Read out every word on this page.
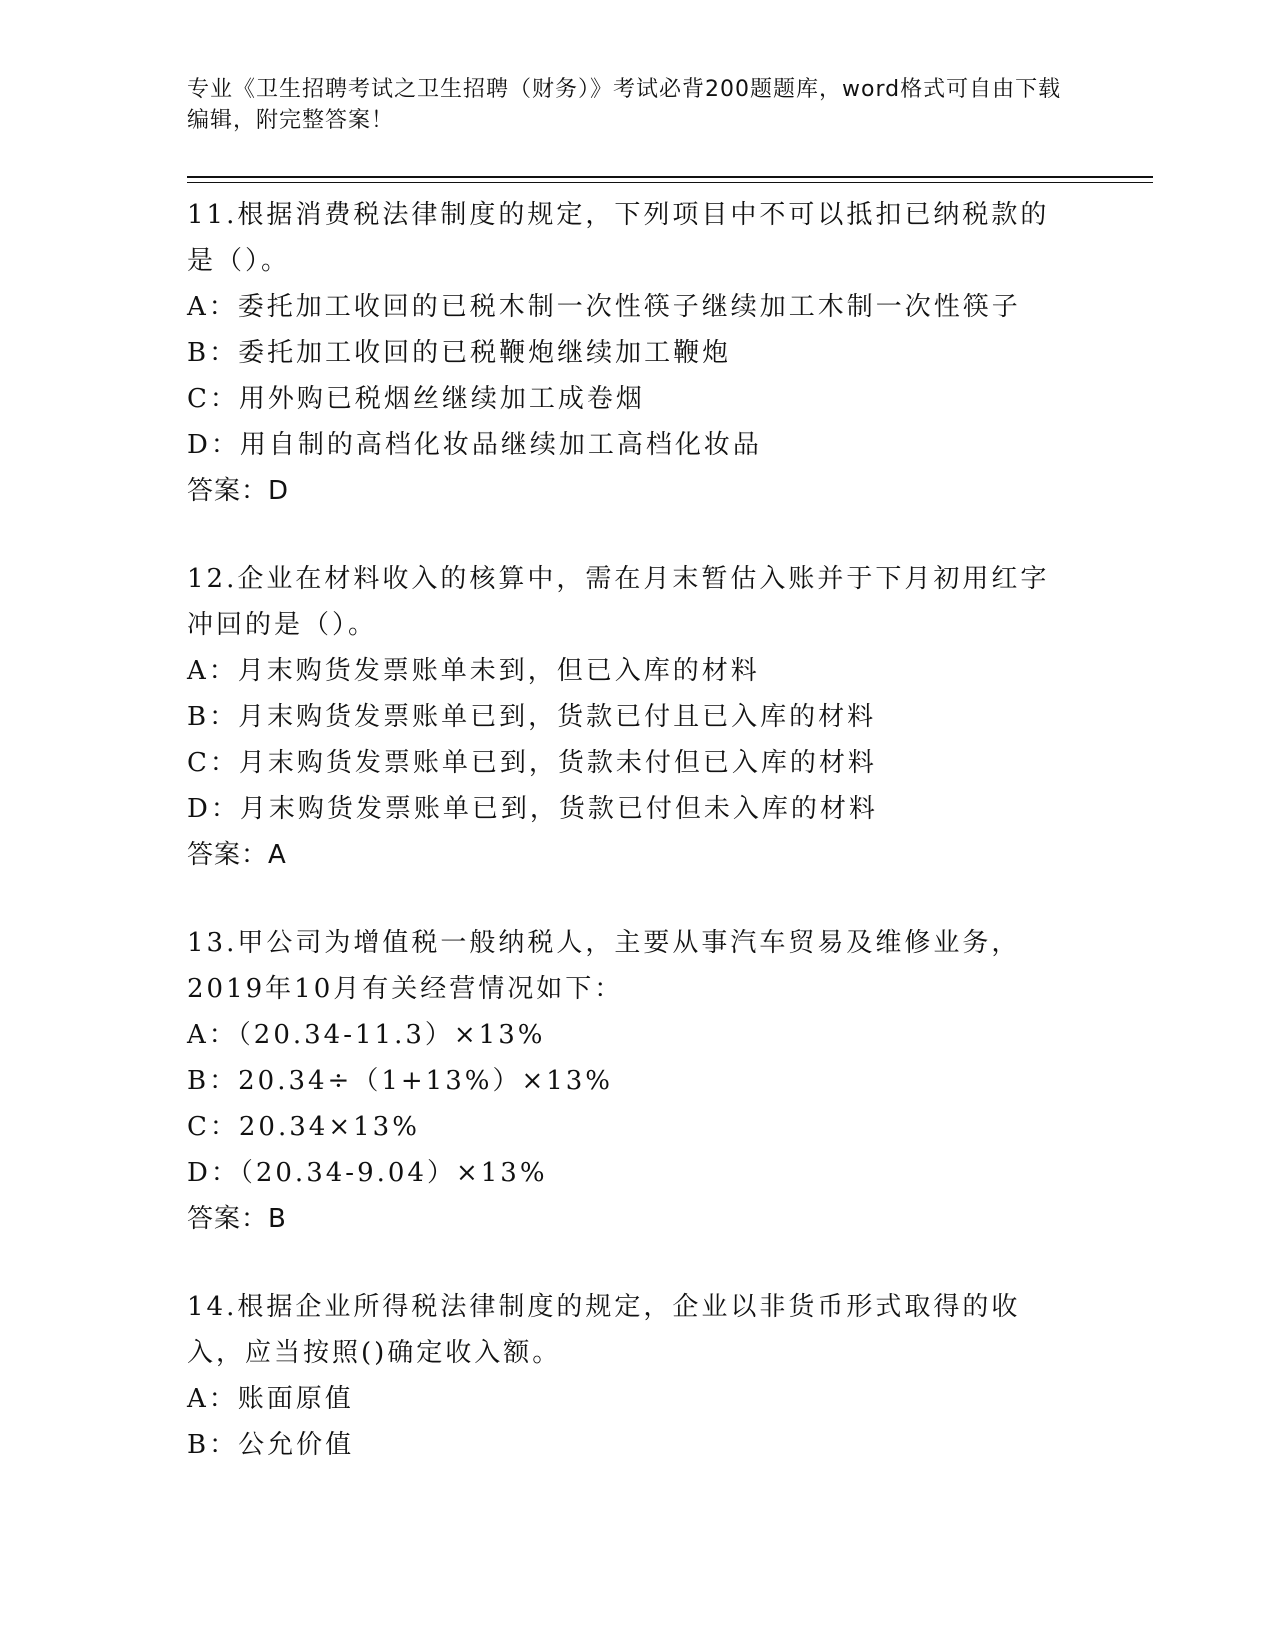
专业《卫生招聘考试之卫生招聘（财务）》考试必背200题题库，word格式可自由下载编辑，附完整答案！

11.根据消费税法律制度的规定，下列项目中不可以抵扣已纳税款的是（）。

A：委托加工收回的已税木制一次性筷子继续加工木制一次性筷子

B：委托加工收回的已税鞭炮继续加工鞭炮

C：用外购已税烟丝继续加工成卷烟

D：用自制的高档化妆品继续加工高档化妆品

答案：D

12.企业在材料收入的核算中，需在月末暂估入账并于下月初用红字冲回的是（）。

A：月末购货发票账单未到，但已入库的材料

B：月末购货发票账单已到，货款已付且已入库的材料

C：月末购货发票账单已到，货款未付但已入库的材料

D：月末购货发票账单已到，货款已付但未入库的材料

答案：A

13.甲公司为增值税一般纳税人，主要从事汽车贸易及维修业务，2019年10月有关经营情况如下：

A：（20.34-11.3）×13%

B：20.34÷（1+13%）×13%

C：20.34×13%

D：（20.34-9.04）×13%

答案：B

14.根据企业所得税法律制度的规定，企业以非货币形式取得的收入，应当按照()确定收入额。

A：账面原值

B：公允价值
